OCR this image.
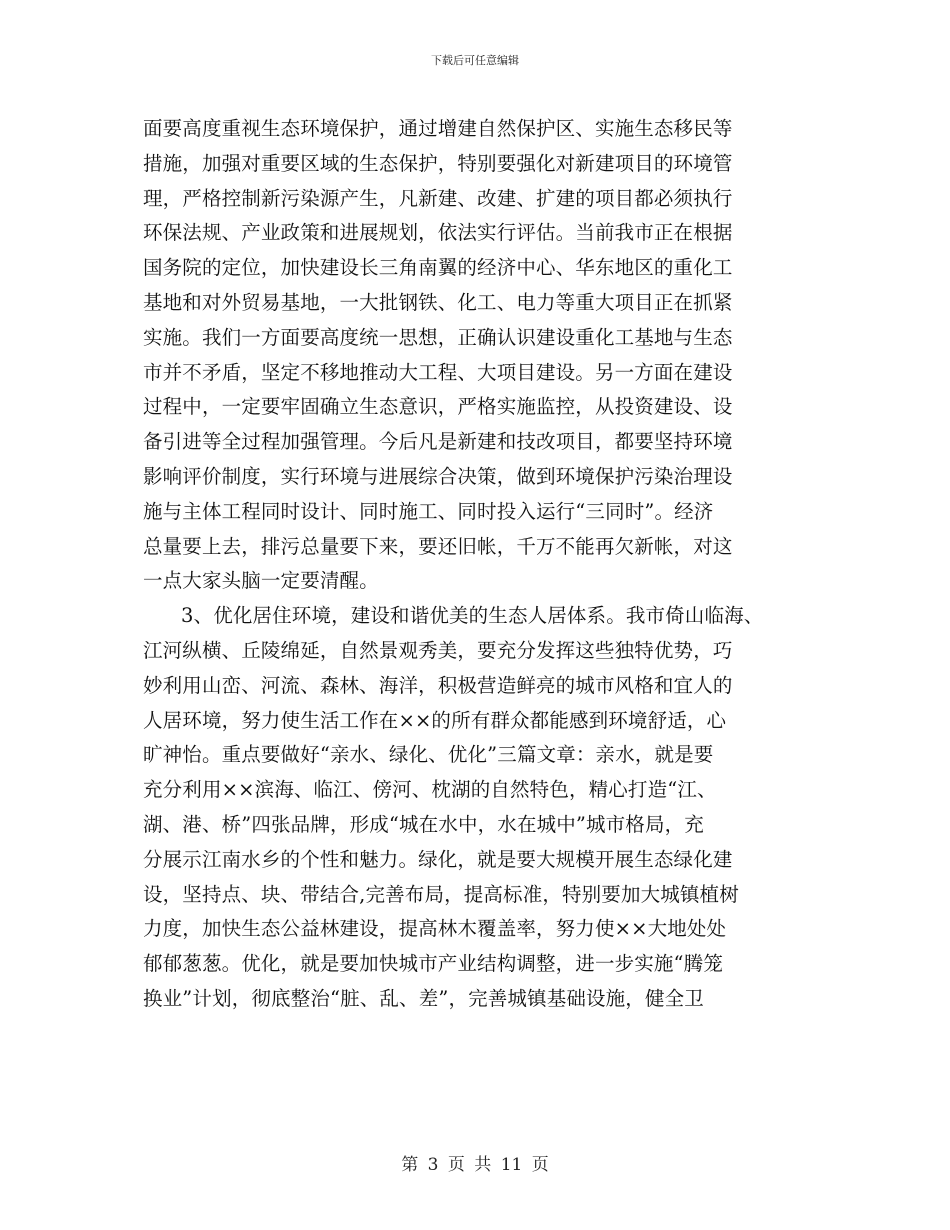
下载后可任意编辑
面要高度重视生态环境保护，通过增建自然保护区、实施生态移民等
措施，加强对重要区域的生态保护，特别要强化对新建项目的环境管
理，严格控制新污染源产生，凡新建、改建、扩建的项目都必须执行
环保法规、产业政策和进展规划，依法实行评估。当前我市正在根据
国务院的定位，加快建设长三角南翼的经济中心、华东地区的重化工
基地和对外贸易基地，一大批钢铁、化工、电力等重大项目正在抓紧
实施。我们一方面要高度统一思想，正确认识建设重化工基地与生态
市并不矛盾，坚定不移地推动大工程、大项目建设。另一方面在建设
过程中，一定要牢固确立生态意识，严格实施监控，从投资建设、设
备引进等全过程加强管理。今后凡是新建和技改项目，都要坚持环境
影响评价制度，实行环境与进展综合决策，做到环境保护污染治理设
施与主体工程同时设计、同时施工、同时投入运行“三同时”。经济
总量要上去，排污总量要下来，要还旧帐，千万不能再欠新帐，对这
一点大家头脑一定要清醒。
3、优化居住环境，建设和谐优美的生态人居体系。我市倚山临海、
江河纵横、丘陵绵延，自然景观秀美，要充分发挥这些独特优势，巧
妙利用山峦、河流、森林、海洋，积极营造鲜亮的城市风格和宜人的
人居环境，努力使生活工作在××的所有群众都能感到环境舒适，心
旷神怡。重点要做好“亲水、绿化、优化”三篇文章：亲水，就是要
充分利用××滨海、临江、傍河、枕湖的自然特色，精心打造“江、
湖、港、桥”四张品牌，形成“城在水中，水在城中”城市格局，充
分展示江南水乡的个性和魅力。绿化，就是要大规模开展生态绿化建
设，坚持点、块、带结合,完善布局，提高标准，特别要加大城镇植树
力度，加快生态公益林建设，提高林木覆盖率，努力使××大地处处
郁郁葱葱。优化，就是要加快城市产业结构调整，进一步实施“腾笼
换业”计划，彻底整治“脏、乱、差”，完善城镇基础设施，健全卫
第 3 页 共 11 页
